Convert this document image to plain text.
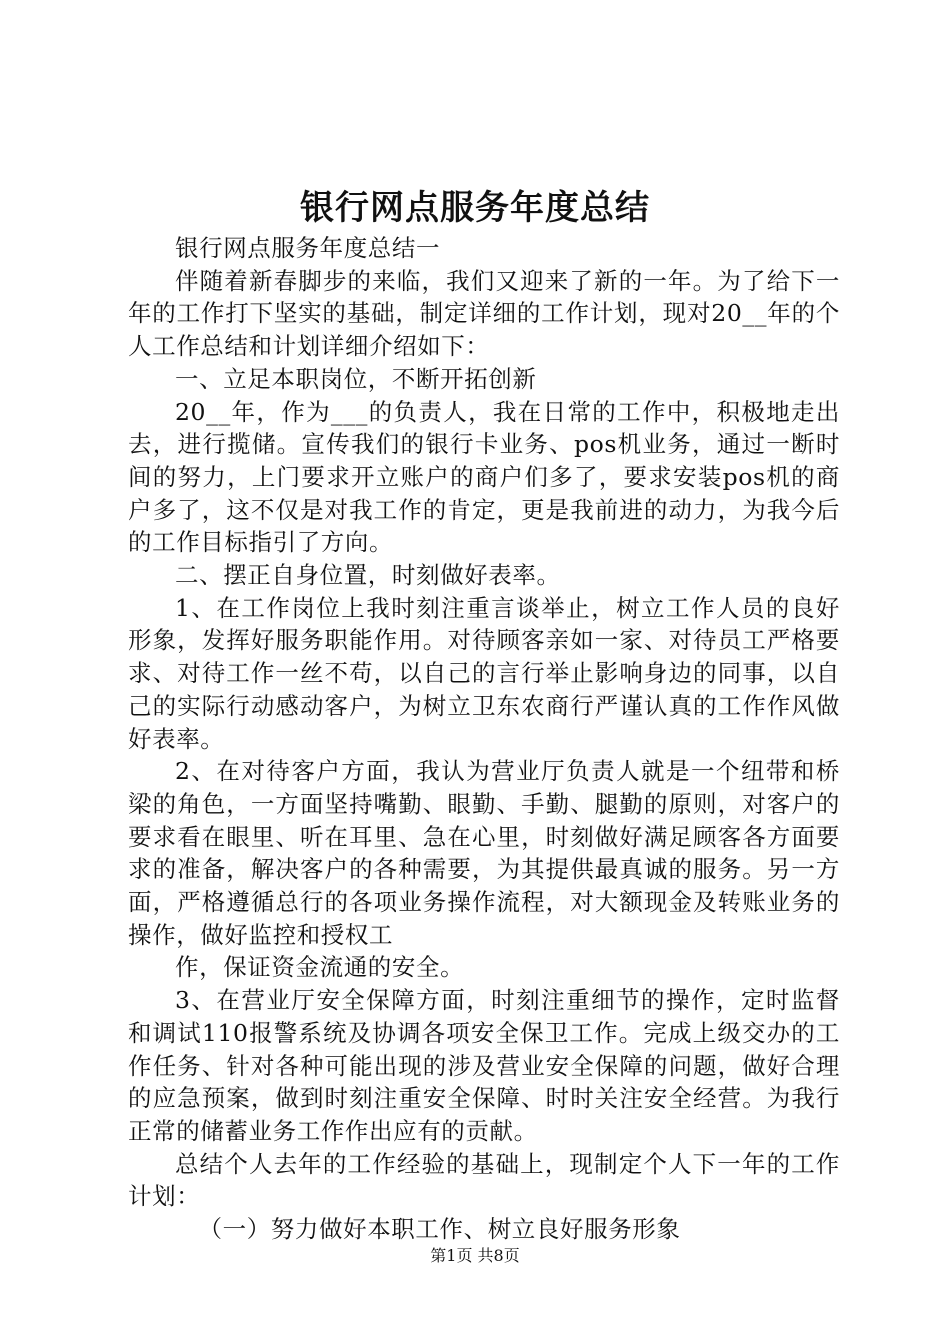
银行网点服务年度总结

银行网点服务年度总结一

伴随着新春脚步的来临，我们又迎来了新的一年。为了给下一年的工作打下坚实的基础，制定详细的工作计划，现对20__年的个人工作总结和计划详细介绍如下：

一、立足本职岗位，不断开拓创新

20__年，作为___的负责人，我在日常的工作中，积极地走出去，进行揽储。宣传我们的银行卡业务、pos机业务，通过一断时间的努力，上门要求开立账户的商户们多了，要求安装pos机的商户多了，这不仅是对我工作的肯定，更是我前进的动力，为我今后的工作目标指引了方向。

二、摆正自身位置，时刻做好表率。

1、在工作岗位上我时刻注重言谈举止，树立工作人员的良好形象，发挥好服务职能作用。对待顾客亲如一家、对待员工严格要求、对待工作一丝不苟，以自己的言行举止影响身边的同事，以自己的实际行动感动客户，为树立卫东农商行严谨认真的工作作风做好表率。

2、在对待客户方面，我认为营业厅负责人就是一个纽带和桥梁的角色，一方面坚持嘴勤、眼勤、手勤、腿勤的原则，对客户的要求看在眼里、听在耳里、急在心里，时刻做好满足顾客各方面要求的准备，解决客户的各种需要，为其提供最真诚的服务。另一方面，严格遵循总行的各项业务操作流程，对大额现金及转账业务的操作，做好监控和授权工

作，保证资金流通的安全。

3、在营业厅安全保障方面，时刻注重细节的操作，定时监督和调试110报警系统及协调各项安全保卫工作。完成上级交办的工作任务、针对各种可能出现的涉及营业安全保障的问题，做好合理的应急预案，做到时刻注重安全保障、时时关注安全经营。为我行正常的储蓄业务工作作出应有的贡献。

总结个人去年的工作经验的基础上，现制定个人下一年的工作计划：

（一）努力做好本职工作、树立良好服务形象

第1页 共8页
